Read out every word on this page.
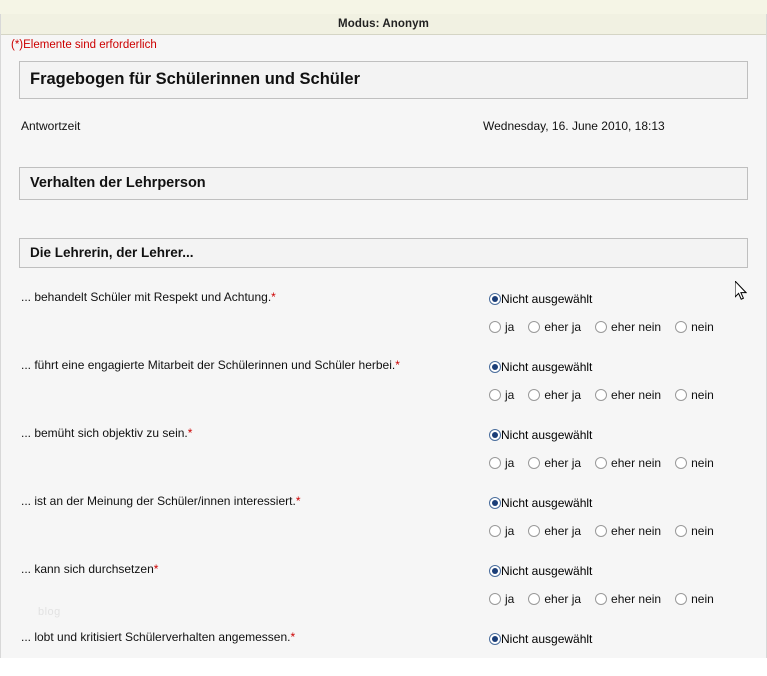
Modus: Anonym
(*)Elemente sind erforderlich
Fragebogen für Schülerinnen und Schüler
Antwortzeit	Wednesday, 16. June 2010, 18:13
Verhalten der Lehrperson
Die Lehrerin, der Lehrer...
... behandelt Schüler mit Respekt und Achtung.*	Nicht ausgewählt
ja	eher ja	eher nein	nein
... führt eine engagierte Mitarbeit der Schülerinnen und Schüler herbei.*	Nicht ausgewählt
ja	eher ja	eher nein	nein
... bemüht sich objektiv zu sein.*	Nicht ausgewählt
ja	eher ja	eher nein	nein
... ist an der Meinung der Schüler/innen interessiert.*	Nicht ausgewählt
ja	eher ja	eher nein	nein
... kann sich durchsetzen*	Nicht ausgewählt
ja	eher ja	eher nein	nein
... lobt und kritisiert Schülerverhalten angemessen.*	Nicht ausgewählt
blog
